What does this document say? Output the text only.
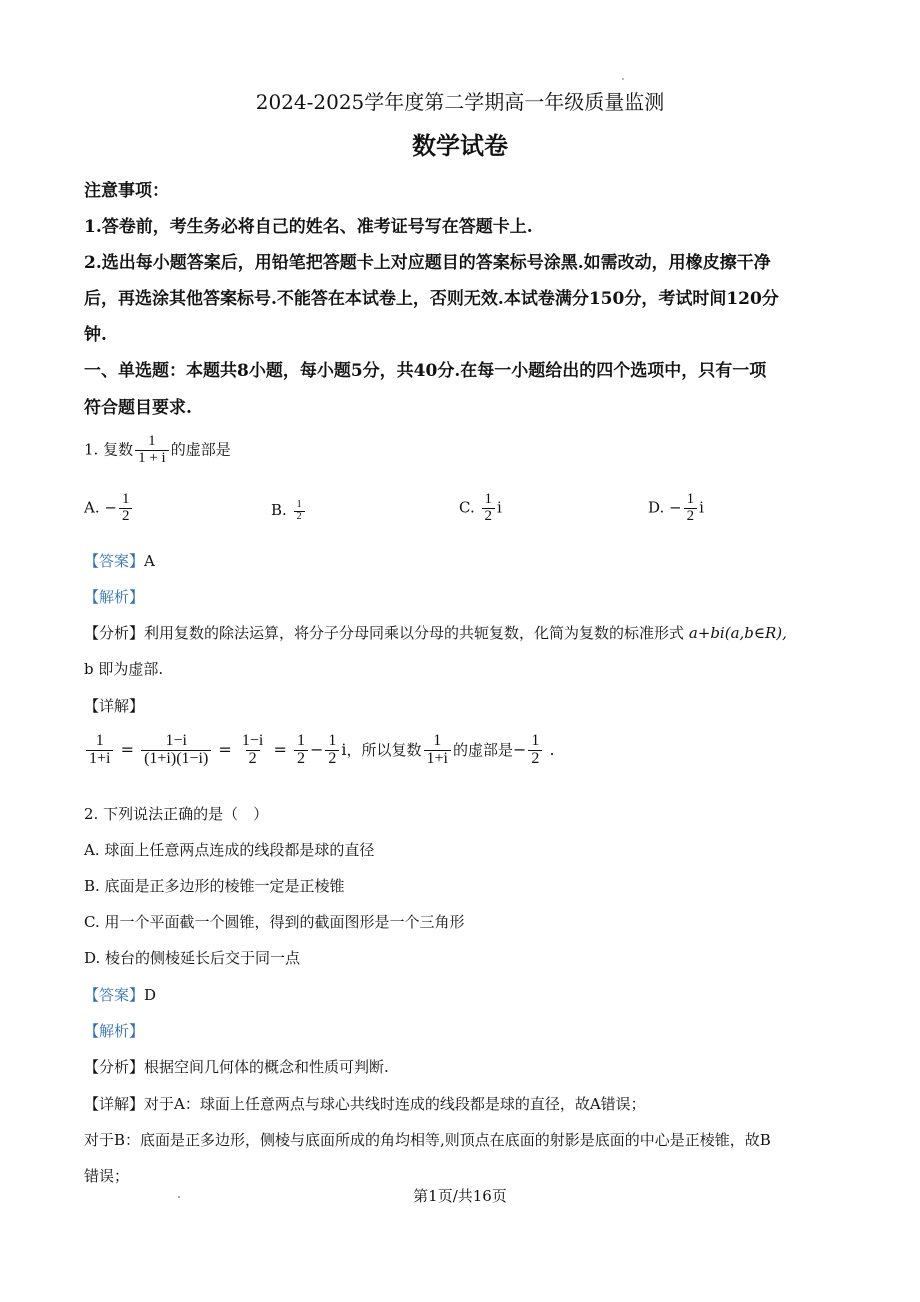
2024-2025学年度第二学期高一年级质量监测
数学试卷
注意事项：
1.答卷前，考生务必将自己的姓名、准考证号写在答题卡上.
2.选出每小题答案后，用铅笔把答题卡上对应题目的答案标号涂黑.如需改动，用橡皮擦干净
后，再选涂其他答案标号.不能答在本试卷上，否则无效.本试卷满分150分，考试时间120分
钟.
一、单选题：本题共8小题，每小题5分，共40分.在每一小题给出的四个选项中，只有一项
符合题目要求.
1. 复数 $\frac{1}{1 + i}$ 的虚部是
A. − $\frac{1}{2}$	B. $\frac{1}{2}$	C. $\frac{1}{2}$ i	D. − $\frac{1}{2}$ i
【答案】A
【解析】
【分析】利用复数的除法运算，将分子分母同乘以分母的共轭复数，化简为复数的标准形式 a+bi(a,b∈R),
b 即为虚部.
【详解】
$\frac{1}{1+i} = \frac{1-i}{(1+i)(1-i)} = \frac{1-i}{2} = \frac{1}{2} - \frac{1}{2}$ i，所以复数 $\frac{1}{1+i}$ 的虚部是− $\frac{1}{2}$ .
2. 下列说法正确的是（　）
A. 球面上任意两点连成的线段都是球的直径
B. 底面是正多边形的棱锥一定是正棱锥
C. 用一个平面截一个圆锥，得到的截面图形是一个三角形
D. 棱台的侧棱延长后交于同一点
【答案】D
【解析】
【分析】根据空间几何体的概念和性质可判断.
【详解】对于A：球面上任意两点与球心共线时连成的线段都是球的直径，故A错误；
对于B：底面是正多边形，侧棱与底面所成的角均相等,则顶点在底面的射影是底面的中心是正棱锥，故B
错误；
第1页/共16页
